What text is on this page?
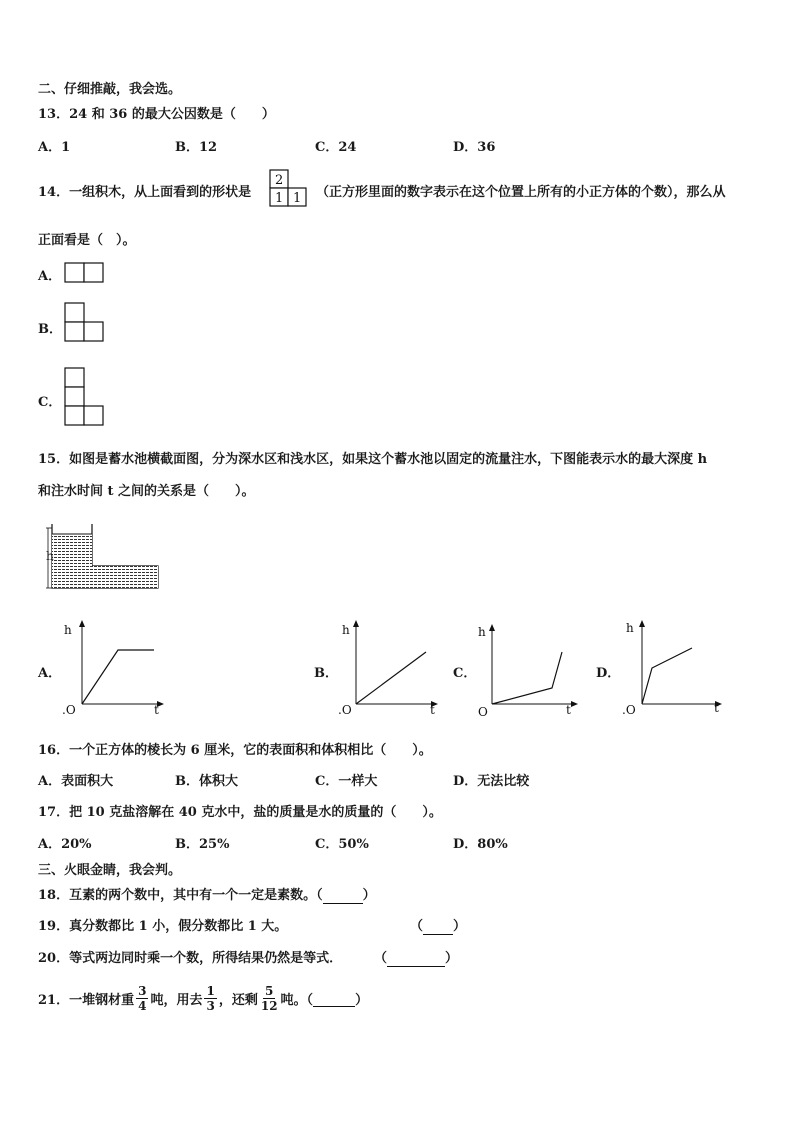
二、仔细推敲，我会选。
13．24 和 36 的最大公因数是（　　）
A．1	B．12	C．24	D．36
14．一组积木，从上面看到的形状是
2
1 1 （正方形里面的数字表示在这个位置上所有的小正方体的个数），那么从
正面看是（　）。
A．
B．
C．
15．如图是蓄水池横截面图，分为深水区和浅水区，如果这个蓄水池以固定的流量注水，下图能表示水的最大深度 h
和注水时间 t 之间的关系是（　　）。
h
A．
h
t
.O
B．
h
t
.O
C．
h
t
O
D．
h
t
.O
16．一个正方体的棱长为 6 厘米，它的表面积和体积相比（　　）。
A．表面积大	B．体积大	C．一样大	D．无法比较
17．把 10 克盐溶解在 40 克水中，盐的质量是水的质量的（　　）。
A．20%	B．25%	C．50%	D．80%
三、火眼金睛，我会判。
18．互素的两个数中，其中有一个一定是素数。（	）
19．真分数都比 1 小，假分数都比 1 大。	（ ）
20．等式两边同时乘一个数，所得结果仍然是等式． （	）
21．一堆钢材重 $\frac{3}{4}$ 吨，用去 $\frac{1}{3}$ ，还剩 $\frac{5}{12}$ 吨。（
	）
